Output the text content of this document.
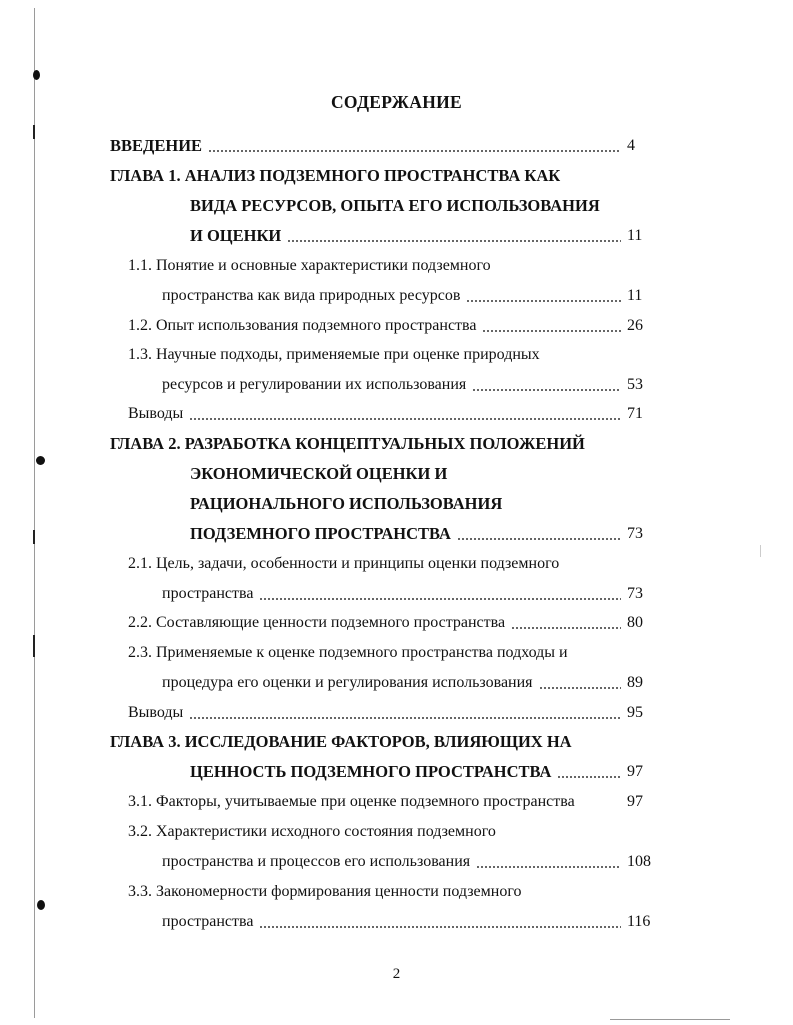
СОДЕРЖАНИЕ
ВВЕДЕНИЕ	4
ГЛАВА 1. АНАЛИЗ ПОДЗЕМНОГО ПРОСТРАНСТВА КАК
ВИДА РЕСУРСОВ, ОПЫТА ЕГО ИСПОЛЬЗОВАНИЯ
И ОЦЕНКИ	11
1.1. Понятие и основные характеристики подземного
пространства как вида природных ресурсов	11
1.2. Опыт использования подземного пространства	26
1.3. Научные подходы, применяемые при оценке природных
ресурсов и регулировании их использования	53
Выводы	71
ГЛАВА 2. РАЗРАБОТКА КОНЦЕПТУАЛЬНЫХ ПОЛОЖЕНИЙ
ЭКОНОМИЧЕСКОЙ ОЦЕНКИ И
РАЦИОНАЛЬНОГО ИСПОЛЬЗОВАНИЯ
ПОДЗЕМНОГО ПРОСТРАНСТВА	73
2.1. Цель, задачи, особенности и принципы оценки подземного
пространства	73
2.2. Составляющие ценности подземного пространства	80
2.3. Применяемые к оценке подземного пространства подходы и
процедура его оценки и регулирования использования	89
Выводы	95
ГЛАВА 3. ИССЛЕДОВАНИЕ ФАКТОРОВ, ВЛИЯЮЩИХ НА
ЦЕННОСТЬ ПОДЗЕМНОГО ПРОСТРАНСТВА	97
3.1. Факторы, учитываемые при оценке подземного пространства	97
3.2. Характеристики исходного состояния подземного
пространства и процессов его использования	108
3.3. Закономерности формирования ценности подземного
пространства	116
2
